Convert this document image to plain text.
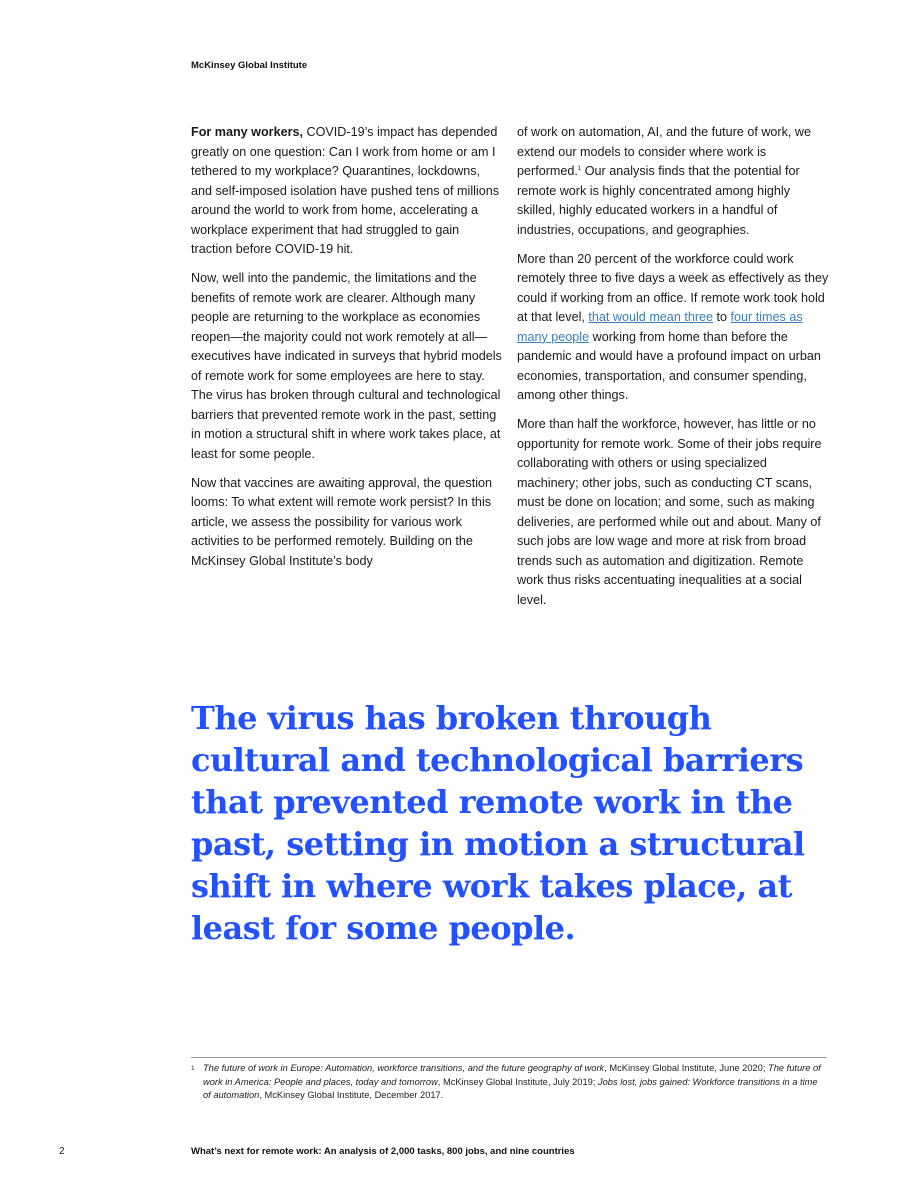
McKinsey Global Institute

For many workers, COVID-19’s impact has depended greatly on one question: Can I work from home or am I tethered to my workplace? Quarantines, lockdowns, and self-imposed isolation have pushed tens of millions around the world to work from home, accelerating a workplace experiment that had struggled to gain traction before COVID-19 hit.

Now, well into the pandemic, the limitations and the benefits of remote work are clearer. Although many people are returning to the workplace as economies reopen—the majority could not work remotely at all—executives have indicated in surveys that hybrid models of remote work for some employees are here to stay. The virus has broken through cultural and technological barriers that prevented remote work in the past, setting in motion a structural shift in where work takes place, at least for some people.

Now that vaccines are awaiting approval, the question looms: To what extent will remote work persist? In this article, we assess the possibility for various work activities to be performed remotely. Building on the McKinsey Global Institute’s body

of work on automation, AI, and the future of work, we extend our models to consider where work is performed.$^1$ Our analysis finds that the potential for remote work is highly concentrated among highly skilled, highly educated workers in a handful of industries, occupations, and geographies.

More than 20 percent of the workforce could work remotely three to five days a week as effectively as they could if working from an office. If remote work took hold at that level, that would mean three to four times as many people working from home than before the pandemic and would have a profound impact on urban economies, transportation, and consumer spending, among other things.

More than half the workforce, however, has little or no opportunity for remote work. Some of their jobs require collaborating with others or using specialized machinery; other jobs, such as conducting CT scans, must be done on location; and some, such as making deliveries, are performed while out and about. Many of such jobs are low wage and more at risk from broad trends such as automation and digitization. Remote work thus risks accentuating inequalities at a social level.

The virus has broken through cultural and technological barriers that prevented remote work in the past, setting in motion a structural shift in where work takes place, at least for some people.
1 The future of work in Europe: Automation, workforce transitions, and the future geography of work, McKinsey Global Institute, June 2020; The future of work in America: People and places, today and tomorrow, McKinsey Global Institute, July 2019; Jobs lost, jobs gained: Workforce transitions in a time of automation, McKinsey Global Institute, December 2017.
2	What’s next for remote work: An analysis of 2,000 tasks, 800 jobs, and nine countries
